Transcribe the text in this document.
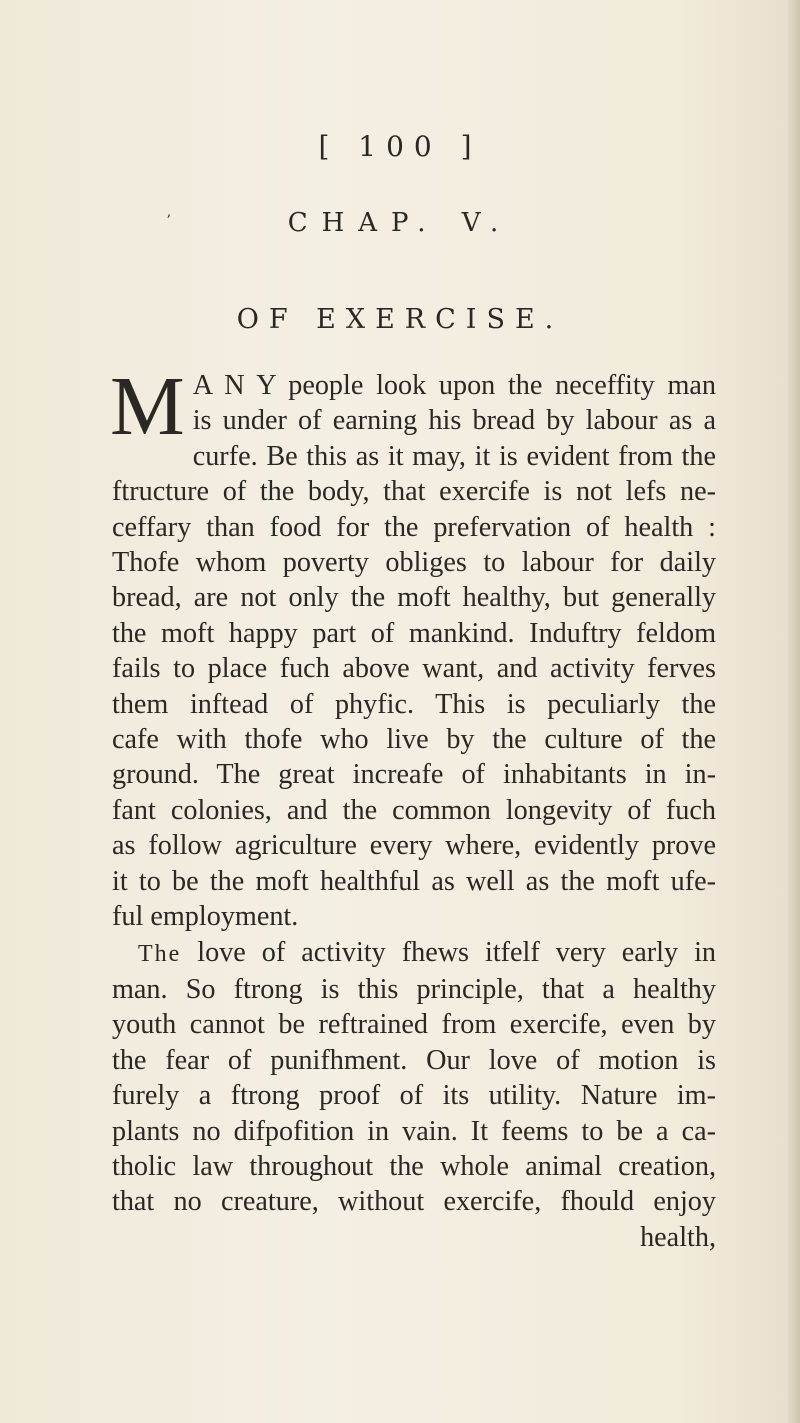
[ 100 ]
ʼ	CHAP. V.
OF EXERCISE.
M A N Y people look upon the neceffity man
is under of earning his bread by labour as a
curfe. Be this as it may, it is evident from the
ftructure of the body, that exercife is not lefs ne-
ceffary than food for the prefervation of health :
Thofe whom poverty obliges to labour for daily
bread, are not only the moft healthy, but generally
the moft happy part of mankind. Induftry feldom
fails to place fuch above want, and activity ferves
them inftead of phyfic. This is peculiarly the
cafe with thofe who live by the culture of the
ground. The great increafe of inhabitants in in-
fant colonies, and the common longevity of fuch
as follow agriculture every where, evidently prove
it to be the moft healthful as well as the moft ufe-
ful employment.
The love of activity fhews itfelf very early in
man. So ftrong is this principle, that a healthy
youth cannot be reftrained from exercife, even by
the fear of punifhment. Our love of motion is
furely a ftrong proof of its utility. Nature im-
plants no difpofition in vain. It feems to be a ca-
tholic law throughout the whole animal creation,
that no creature, without exercife, fhould enjoy
health,
